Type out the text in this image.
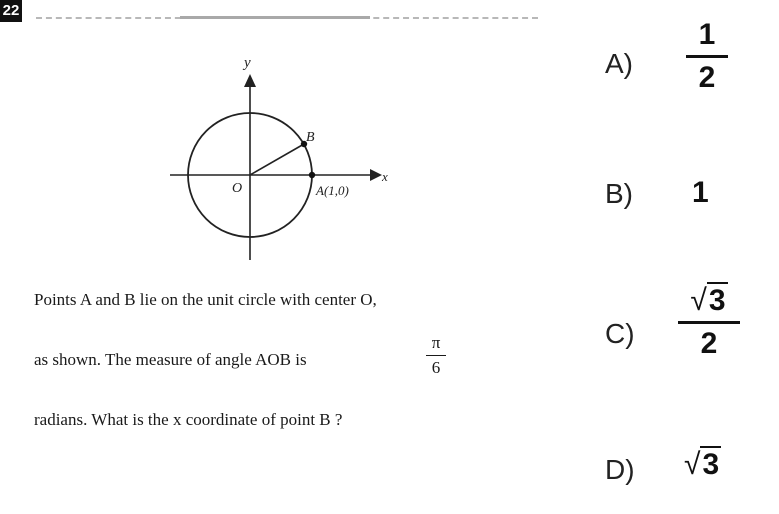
22
y
x
O
B
A(1,0)
Points A and B lie on the unit circle with center O,
as shown. The measure of angle AOB is
π
6
radians. What is the x coordinate of point B ?
A)
1
2
B) 1
C)
√3
2
D) √3
